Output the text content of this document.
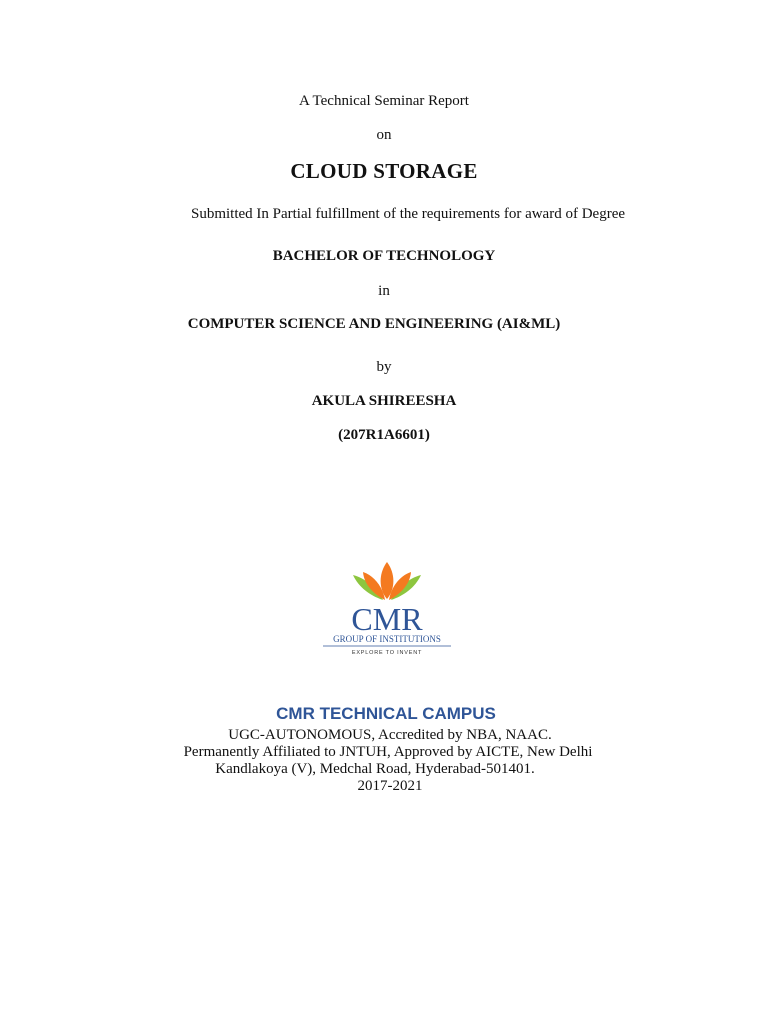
A Technical Seminar Report
on
CLOUD STORAGE
Submitted In Partial fulfillment of the requirements for award of Degree
BACHELOR OF TECHNOLOGY
in
COMPUTER SCIENCE AND ENGINEERING (AI&ML)
by
AKULA SHIREESHA
(207R1A6601)
CMR
GROUP OF INSTITUTIONS
EXPLORE TO INVENT
CMR TECHNICAL CAMPUS
UGC-AUTONOMOUS, Accredited by NBA, NAAC.
Permanently Affiliated to JNTUH, Approved by AICTE, New Delhi
Kandlakoya (V), Medchal Road, Hyderabad-501401.
2017-2021
